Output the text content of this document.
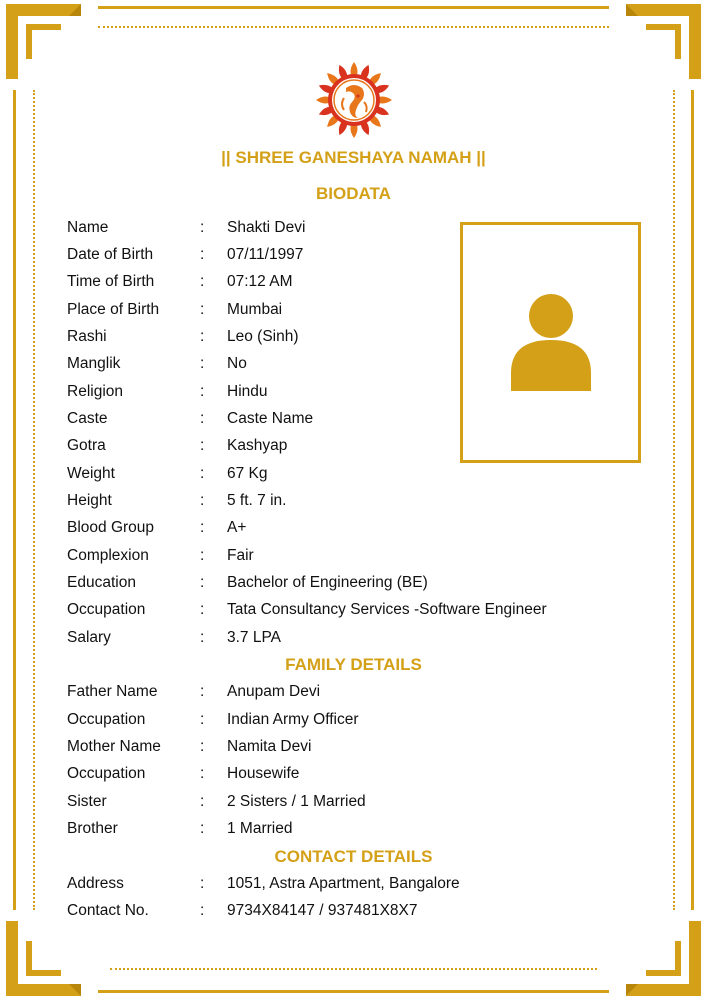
|| SHREE GANESHAYA NAMAH ||
BIODATA
Name	: Shakti Devi
Date of Birth	: 07/11/1997
Time of Birth	: 07:12 AM
Place of Birth	: Mumbai
Rashi	: Leo (Sinh)
Manglik	: No
Religion	: Hindu
Caste	: Caste Name
Gotra	: Kashyap
Weight	: 67 Kg
Height	: 5 ft. 7 in.
Blood Group	: A+
Complexion	: Fair
Education	: Bachelor of Engineering (BE)
Occupation	: Tata Consultancy Services -Software Engineer
Salary	: 3.7 LPA
FAMILY DETAILS
Father Name	: Anupam Devi
Occupation	: Indian Army Officer
Mother Name	: Namita Devi
Occupation	: Housewife
Sister	: 2 Sisters / 1 Married
Brother	: 1 Married
CONTACT DETAILS
Address	: 1051, Astra Apartment, Bangalore
Contact No.	: 9734X84147 / 937481X8X7
